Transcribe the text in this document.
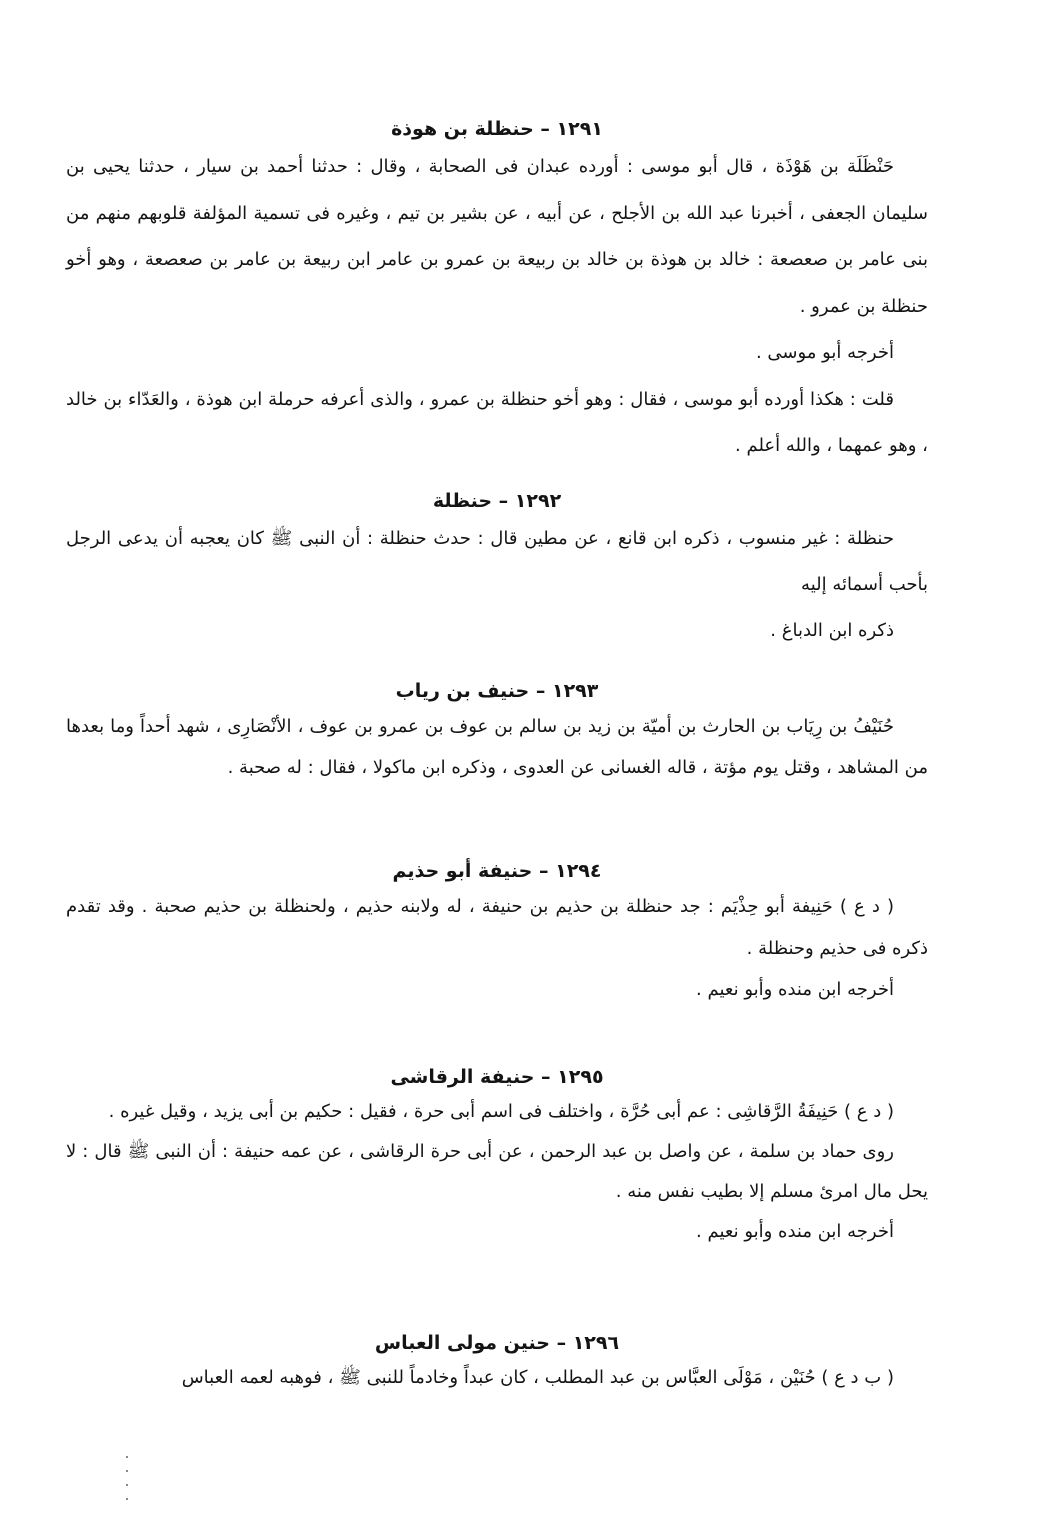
١٢٩١ – حنظلة بن هوذة

حَنْظَلَة بن هَوْذَة ، قال أبو موسى : أورده عبدان فى الصحابة ، وقال : حدثنا أحمد بن سيار ، حدثنا يحيى بن سليمان الجعفى ، أخبرنا عبد الله بن الأجلح ، عن أبيه ، عن بشير بن تيم ، وغيره فى تسمية المؤلفة قلوبهم منهم من بنى عامر بن صعصعة : خالد بن هوذة بن خالد بن ربيعة بن عمرو بن عامر ابن ربيعة بن عامر بن صعصعة ، وهو أخو حنظلة بن عمرو .

أخرجه أبو موسى .

قلت : هكذا أورده أبو موسى ، فقال : وهو أخو حنظلة بن عمرو ، والذى أعرفه حرملة ابن هوذة ، والعَدّاء بن خالد ، وهو عمهما ، والله أعلم .

١٢٩٢ – حنظلة

حنظلة : غير منسوب ، ذكره ابن قانع ، عن مطين قال : حدث حنظلة : أن النبى ﷺ كان يعجبه أن يدعى الرجل بأحب أسمائه إليه

ذكره ابن الدباغ .

١٢٩٣ – حنيف بن رياب

حُنَيْفُ بن رِيَاب بن الحارث بن أميّة بن زيد بن سالم بن عوف بن عمرو بن عوف ، الأنْصَارِى ، شهد أحداً وما بعدها من المشاهد ، وقتل يوم مؤتة ، قاله الغسانى عن العدوى ، وذكره ابن ماكولا ، فقال : له صحبة .

١٢٩٤ – حنيفة أبو حذيم

( د ع ) حَنِيفة أبو حِذْيَم : جد حنظلة بن حذيم بن حنيفة ، له ولابنه حذيم ، ولحنظلة بن حذيم صحبة . وقد تقدم ذكره فى حذيم وحنظلة .

أخرجه ابن منده وأبو نعيم .

١٢٩٥ – حنيفة الرقاشى

( د ع ) حَنِيفَةُ الرَّقاشِى : عم أبى حُرَّة ، واختلف فى اسم أبى حرة ، فقيل : حكيم بن أبى يزيد ، وقيل غيره .

روى حماد بن سلمة ، عن واصل بن عبد الرحمن ، عن أبى حرة الرقاشى ، عن عمه حنيفة : أن النبى ﷺ قال : لا يحل مال امرئ مسلم إلا بطيب نفس منه .

أخرجه ابن منده وأبو نعيم .

١٢٩٦ – حنين مولى العباس

( ب د ع ) حُنَيْن ، مَوْلَى العبَّاس بن عبد المطلب ، كان عبداً وخادماً للنبى ﷺ ، فوهبه لعمه العباس
